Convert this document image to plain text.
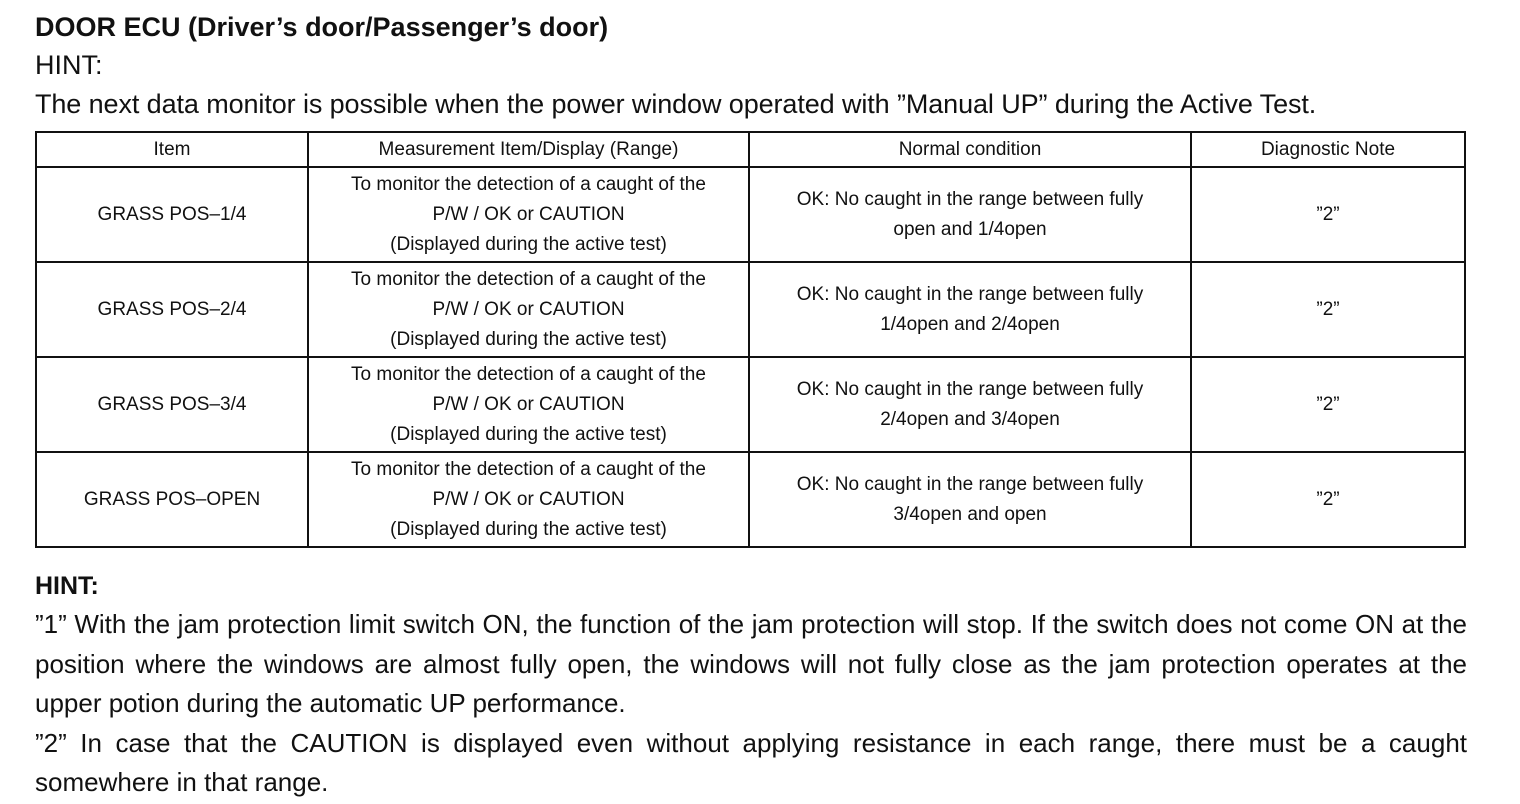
DOOR ECU (Driver’s door/Passenger’s door)
HINT:
The next data monitor is possible when the power window operated with ”Manual UP” during the Active Test.
Item	Measurement Item/Display (Range)	Normal condition	Diagnostic Note
GRASS POS–1/4	To monitor the detection of a caught of the
P/W / OK or CAUTION
(Displayed during the active test)	OK: No caught in the range between fully
open and 1/4open	”2”
GRASS POS–2/4	To monitor the detection of a caught of the
P/W / OK or CAUTION
(Displayed during the active test)	OK: No caught in the range between fully
1/4open and 2/4open	”2”
GRASS POS–3/4	To monitor the detection of a caught of the
P/W / OK or CAUTION
(Displayed during the active test)	OK: No caught in the range between fully
2/4open and 3/4open	”2”
GRASS POS–OPEN	To monitor the detection of a caught of the
P/W / OK or CAUTION
(Displayed during the active test)	OK: No caught in the range between fully
3/4open and open	”2”
HINT:

”1” With the jam protection limit switch ON, the function of the jam protection will stop. If the switch does not come ON at the position where the windows are almost fully open, the windows will not fully close as the jam protection operates at the upper potion during the automatic UP performance.

”2” In case that the CAUTION is displayed even without applying resistance in each range, there must be a caught somewhere in that range.
